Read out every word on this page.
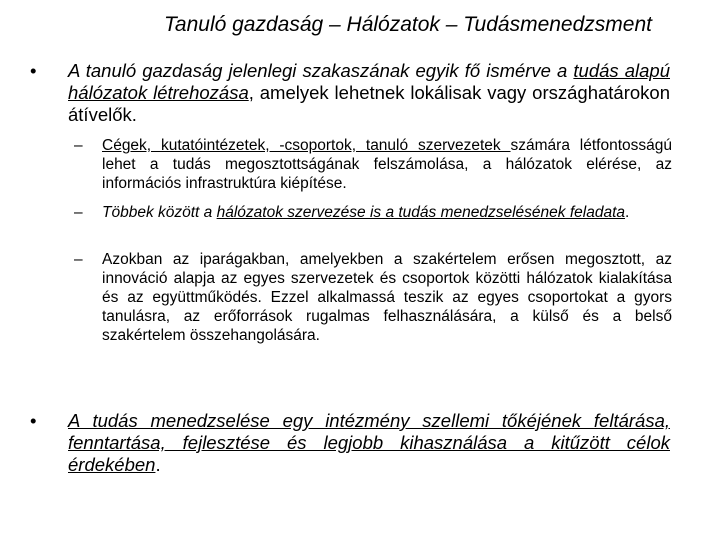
Tanuló gazdaság – Hálózatok – Tudásmenedzsment
•	A tanuló gazdaság jelenlegi szakaszának egyik fő ismérve a tudás alapú hálózatok létrehozása, amelyek lehetnek lokálisak vagy országhatárokon átívelők.
–	Cégek, kutatóintézetek, -csoportok, tanuló szervezetek számára létfontosságú lehet a tudás megosztottságának felszámolása, a hálózatok elérése, az információs infrastruktúra kiépítése.
–	Többek között a hálózatok szervezése is a tudás menedzselésének feladata.
–	Azokban az iparágakban, amelyekben a szakértelem erősen megosztott, az innováció alapja az egyes szervezetek és csoportok közötti hálózatok kialakítása és az együttműködés. Ezzel alkalmassá teszik az egyes csoportokat a gyors tanulásra, az erőforrások rugalmas felhasználására, a külső és a belső szakértelem összehangolására.
•	A tudás menedzselése egy intézmény szellemi tőkéjének feltárása, fenntartása, fejlesztése és legjobb kihasználása a kitűzött célok érdekében.
